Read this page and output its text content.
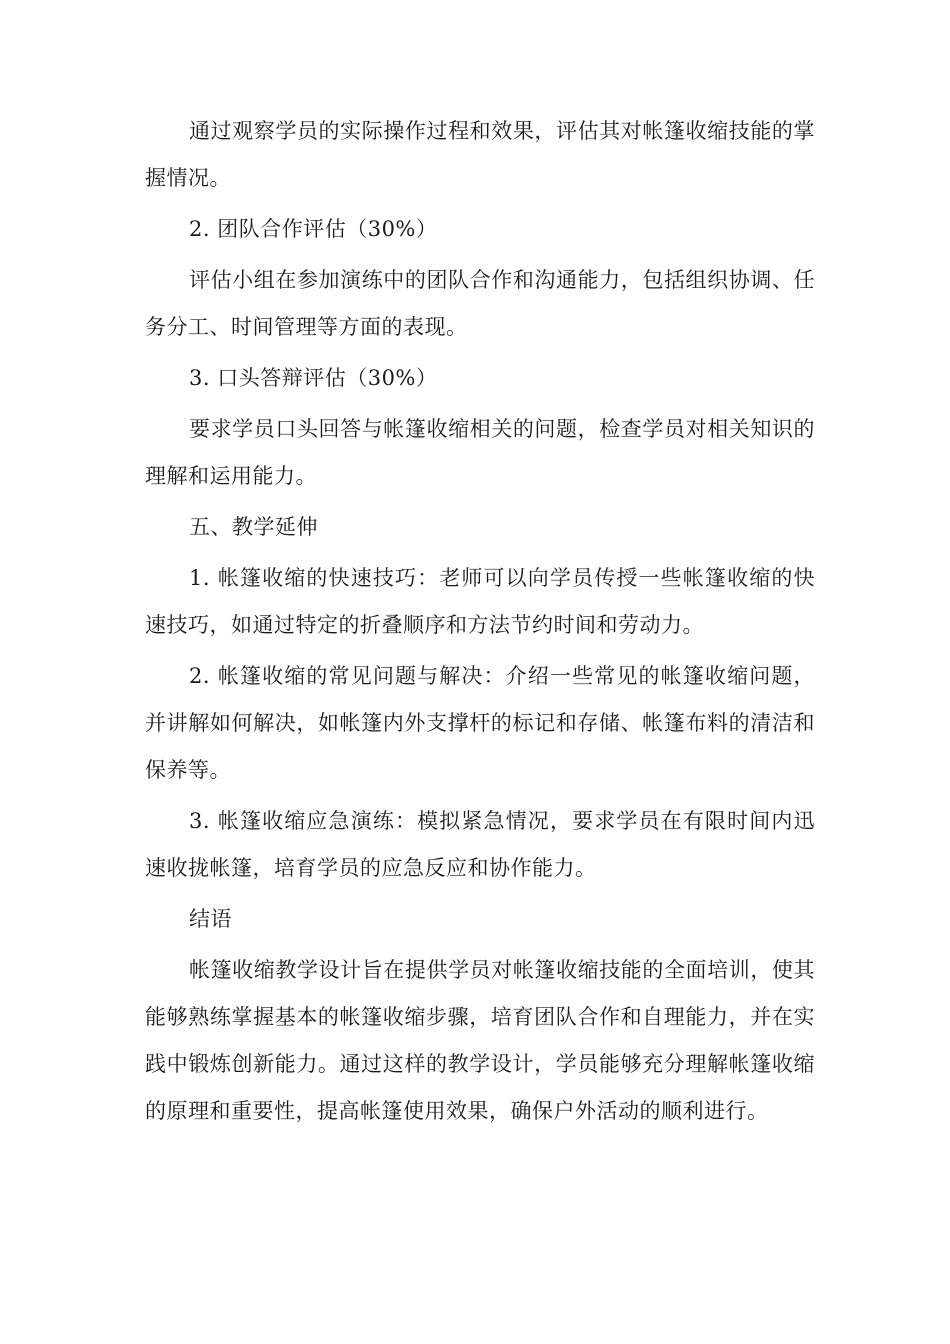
通过观察学员的实际操作过程和效果，评估其对帐篷收缩技能的掌握情况。

2. 团队合作评估（30%）

评估小组在参加演练中的团队合作和沟通能力，包括组织协调、任务分工、时间管理等方面的表现。

3. 口头答辩评估（30%）

要求学员口头回答与帐篷收缩相关的问题，检查学员对相关知识的理解和运用能力。

五、教学延伸

1. 帐篷收缩的快速技巧：老师可以向学员传授一些帐篷收缩的快速技巧，如通过特定的折叠顺序和方法节约时间和劳动力。

2. 帐篷收缩的常见问题与解决：介绍一些常见的帐篷收缩问题，并讲解如何解决，如帐篷内外支撑杆的标记和存储、帐篷布料的清洁和保养等。

3. 帐篷收缩应急演练：模拟紧急情况，要求学员在有限时间内迅速收拢帐篷，培育学员的应急反应和协作能力。

结语

帐篷收缩教学设计旨在提供学员对帐篷收缩技能的全面培训，使其能够熟练掌握基本的帐篷收缩步骤，培育团队合作和自理能力，并在实践中锻炼创新能力。通过这样的教学设计，学员能够充分理解帐篷收缩的原理和重要性，提高帐篷使用效果，确保户外活动的顺利进行。
